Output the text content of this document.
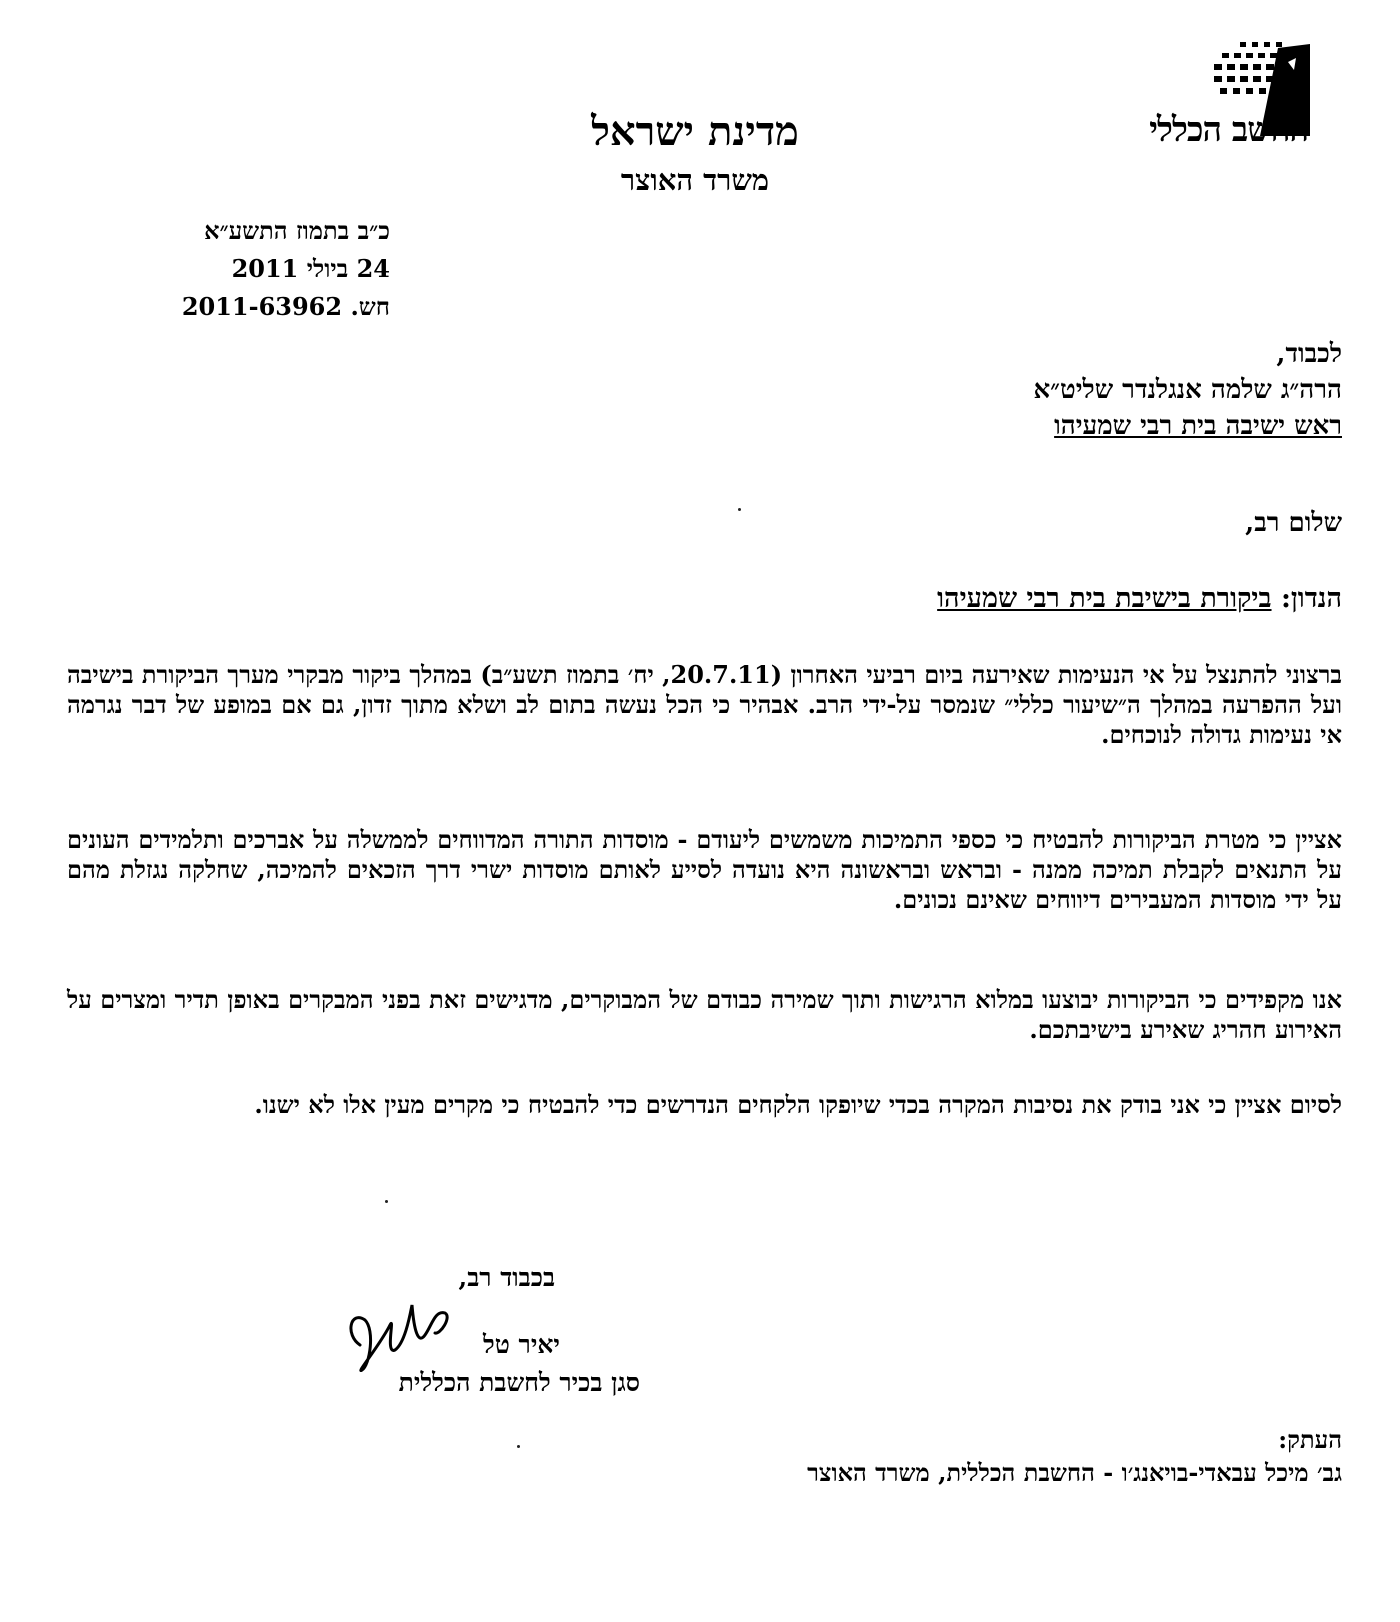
החשב הכללי
מדינת ישראל
משרד האוצר
כ״ב בתמוז התשע״א
24 ביולי 2011
חש. 2011-63962
לכבוד,
הרה״ג שלמה אנגלנדר שליט״א
ראש ישיבה בית רבי שמעיהו
שלום רב,
הנדון: ביקורת בישיבת בית רבי שמעיהו
ברצוני להתנצל על אי הנעימות שאירעה ביום רביעי האחרון (20.7.11, יח׳ בתמוז תשע״ב) במהלך ביקור מבקרי מערך הביקורת בישיבה ועל ההפרעה במהלך ה״שיעור כללי״ שנמסר על-ידי הרב. אבהיר כי הכל נעשה בתום לב ושלא מתוך זדון, גם אם במופע של דבר נגרמה אי נעימות גדולה לנוכחים.
אציין כי מטרת הביקורות להבטיח כי כספי התמיכות משמשים ליעודם - מוסדות התורה המדווחים לממשלה על אברכים ותלמידים העונים על התנאים לקבלת תמיכה ממנה - ובראש ובראשונה היא נועדה לסייע לאותם מוסדות ישרי דרך הזכאים להמיכה, שחלקה נגזלת מהם על ידי מוסדות המעבירים דיווחים שאינם נכונים.
אנו מקפידים כי הביקורות יבוצעו במלוא הרגישות ותוך שמירה כבודם של המבוקרים, מדגישים זאת בפני המבקרים באופן תדיר ומצרים על האירוע חהריג שאירע בישיבתכם.
לסיום אציין כי אני בודק את נסיבות המקרה בכדי שיופקו הלקחים הנדרשים כדי להבטיח כי מקרים מעין אלו לא ישנו.
בכבוד רב,
יאיר טל
סגן בכיר לחשבת הכללית
העתק:
גב׳ מיכל עבאדי-בויאנג׳ו - החשבת הכללית, משרד האוצר
